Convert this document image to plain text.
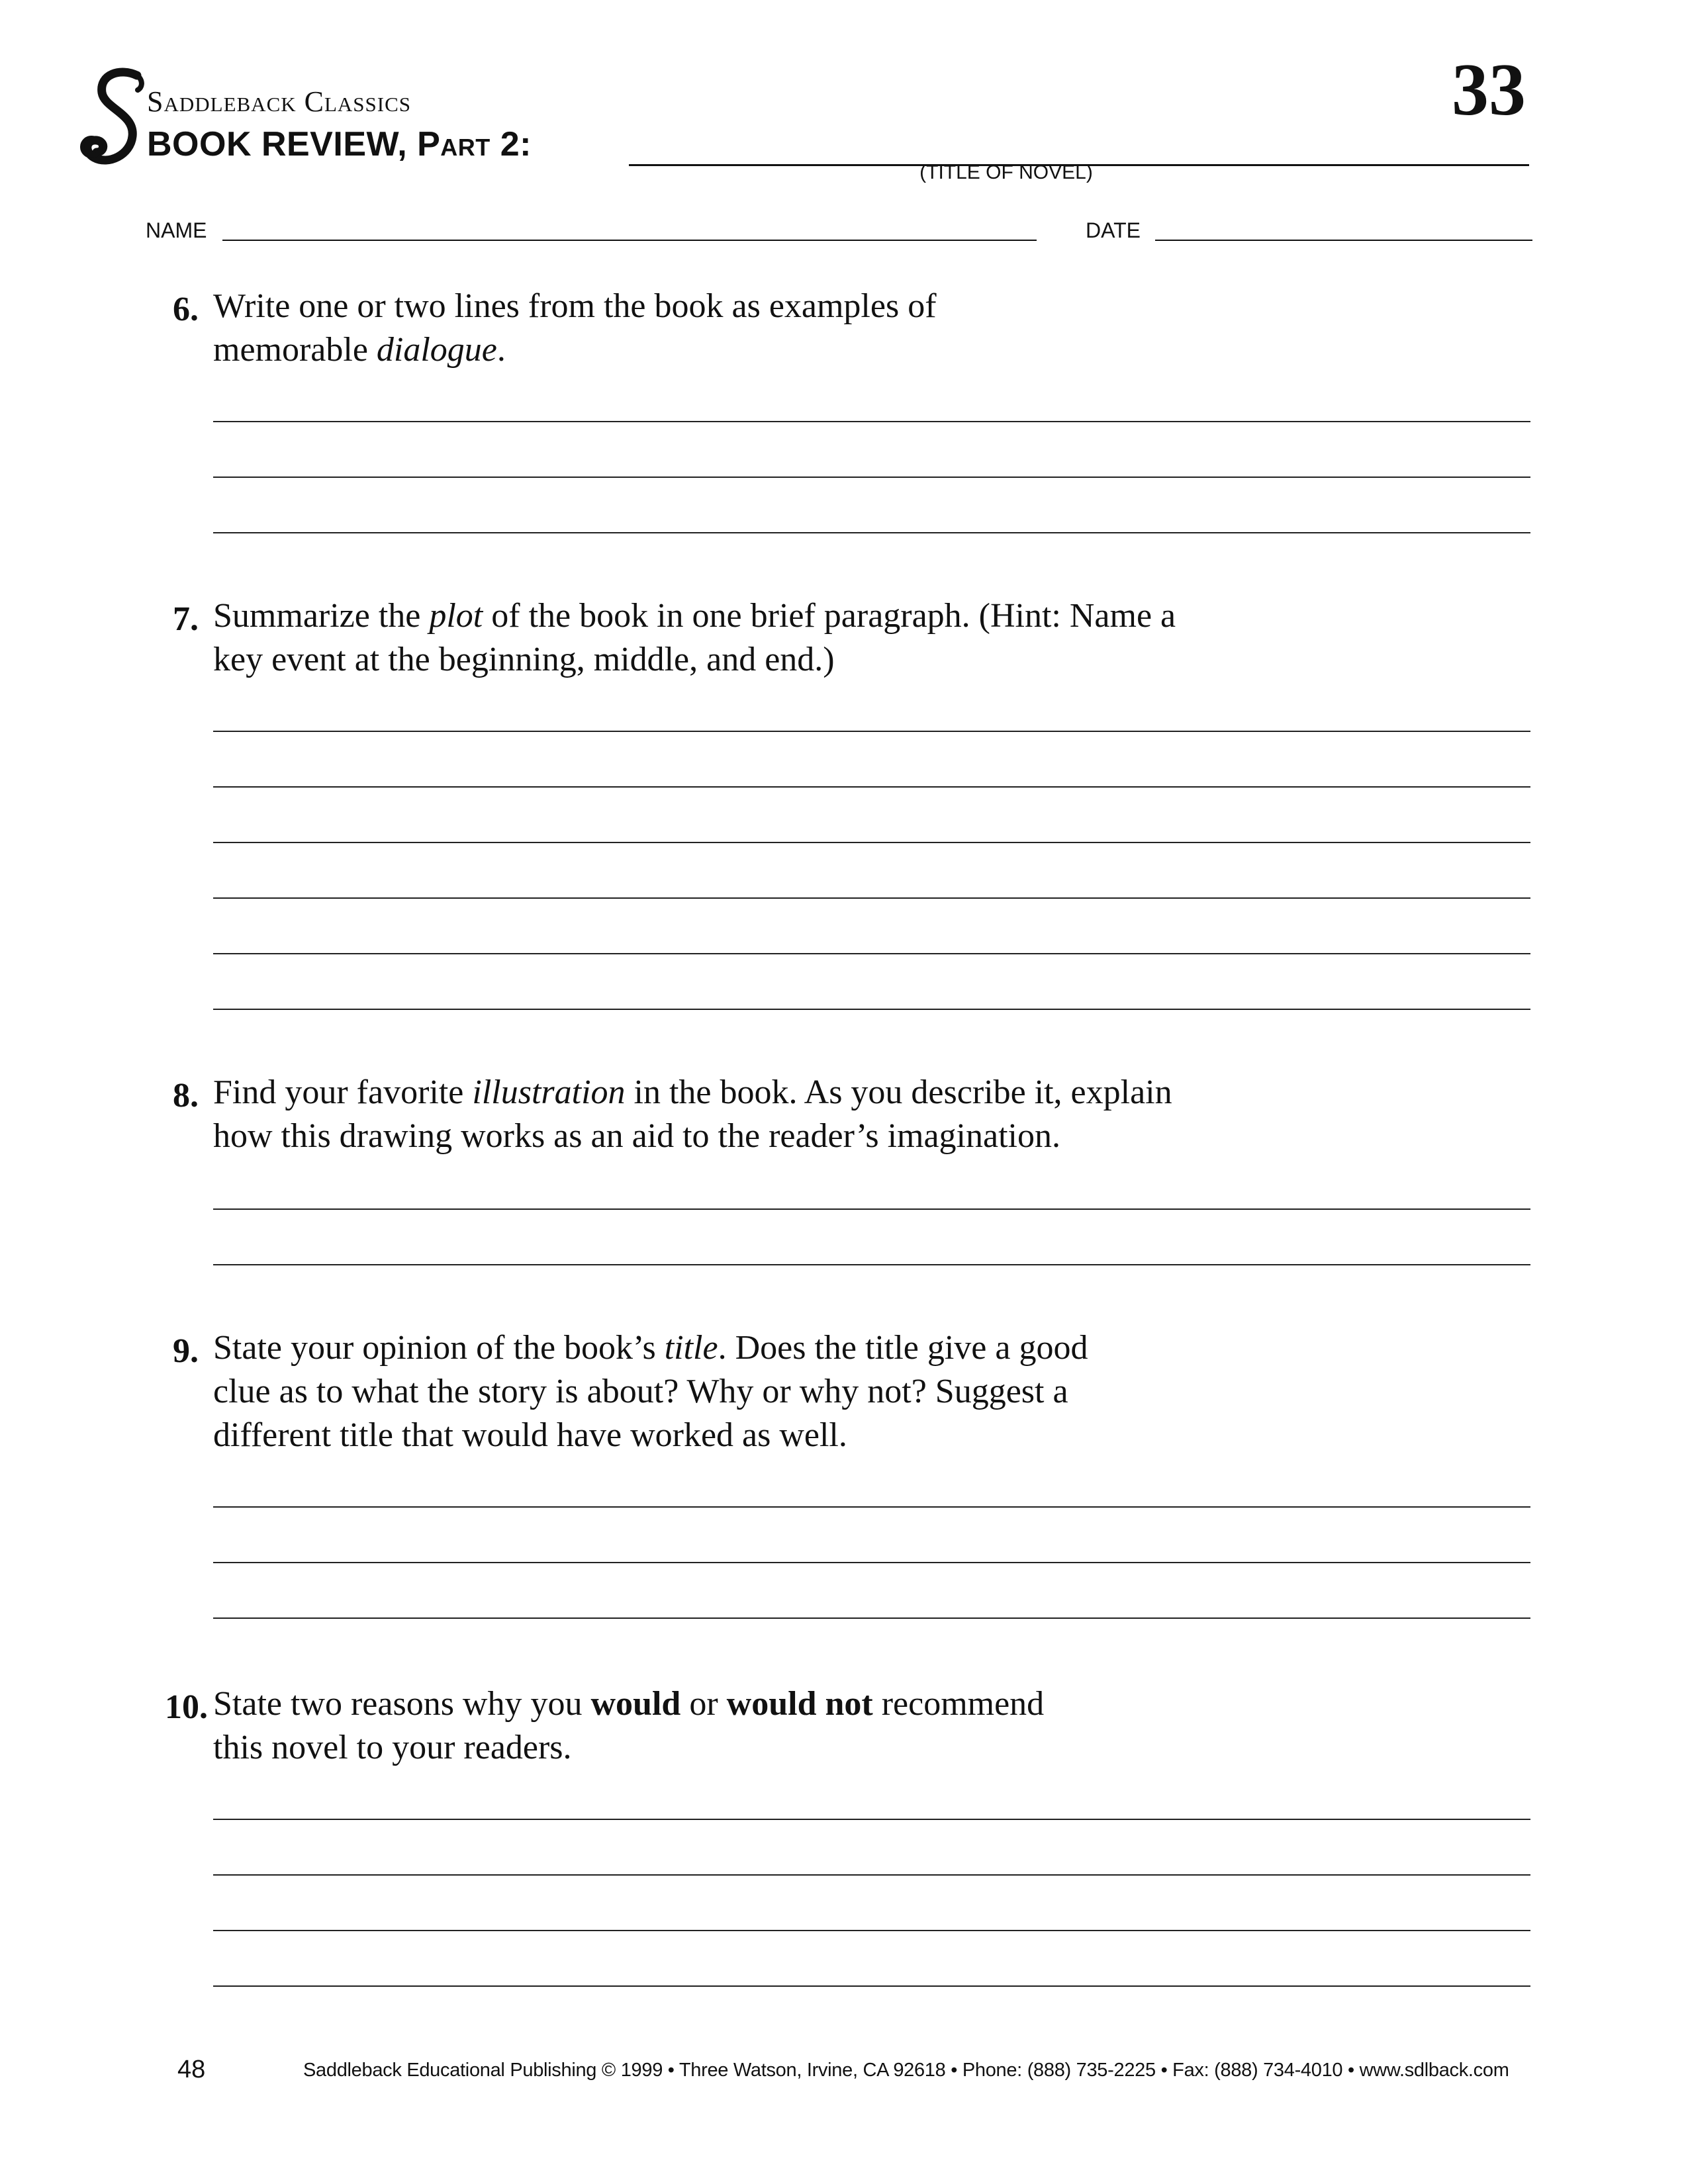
Saddleback Classics
BOOK REVIEW, Part 2:
33
(TITLE OF NOVEL)
NAME	DATE
6. Write one or two lines from the book as examples of
memorable dialogue.
7. Summarize the plot of the book in one brief paragraph. (Hint: Name a
key event at the beginning, middle, and end.)
8. Find your favorite illustration in the book. As you describe it, explain
how this drawing works as an aid to the reader’s imagination.
9. State your opinion of the book’s title. Does the title give a good
clue as to what the story is about? Why or why not? Suggest a
different title that would have worked as well.
10. State two reasons why you would or would not recommend
this novel to your readers.
48	Saddleback Educational Publishing © 1999 • Three Watson, Irvine, CA 92618 • Phone: (888) 735-2225 • Fax: (888) 734-4010 • www.sdlback.com
